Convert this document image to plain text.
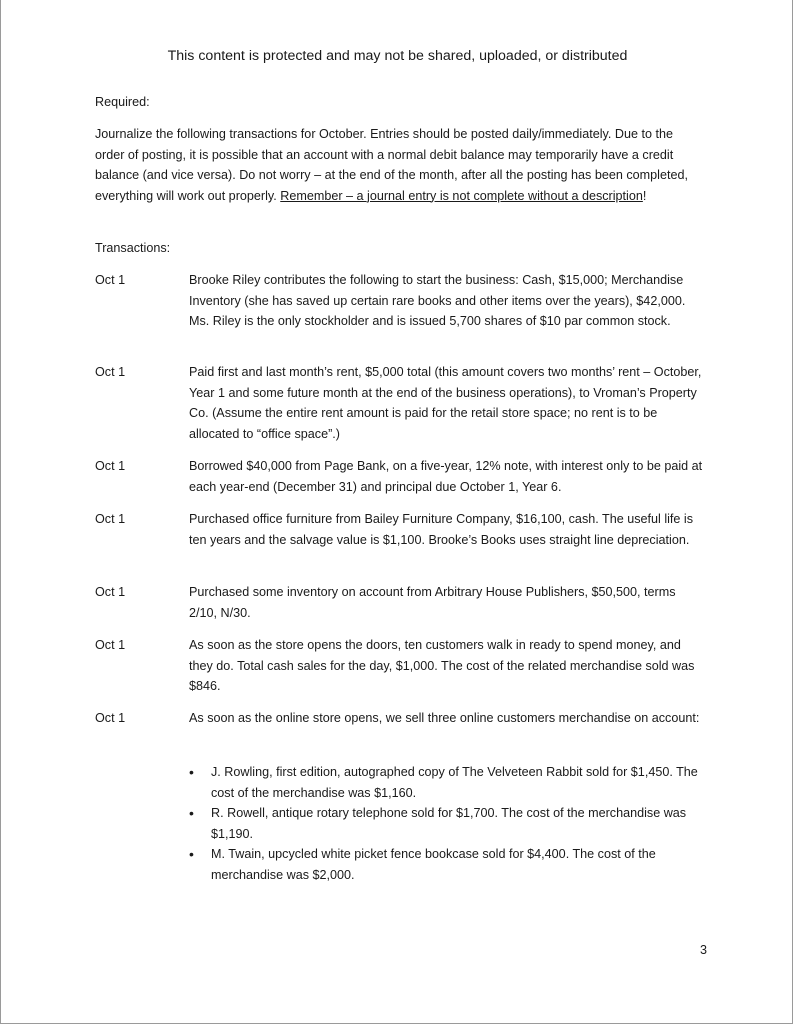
This content is protected and may not be shared, uploaded, or distributed
Required:
Journalize the following transactions for October. Entries should be posted daily/immediately. Due to the order of posting, it is possible that an account with a normal debit balance may temporarily have a credit balance (and vice versa). Do not worry – at the end of the month, after all the posting has been completed, everything will work out properly. Remember – a journal entry is not complete without a description!
Transactions:
Oct 1	Brooke Riley contributes the following to start the business: Cash, $15,000; Merchandise Inventory (she has saved up certain rare books and other items over the years), $42,000. Ms. Riley is the only stockholder and is issued 5,700 shares of $10 par common stock.
Oct 1	Paid first and last month’s rent, $5,000 total (this amount covers two months’ rent – October, Year 1 and some future month at the end of the business operations), to Vroman’s Property Co. (Assume the entire rent amount is paid for the retail store space; no rent is to be allocated to “office space”.)
Oct 1	Borrowed $40,000 from Page Bank, on a five-year, 12% note, with interest only to be paid at each year-end (December 31) and principal due October 1, Year 6.
Oct 1	Purchased office furniture from Bailey Furniture Company, $16,100, cash. The useful life is ten years and the salvage value is $1,100. Brooke’s Books uses straight line depreciation.
Oct 1	Purchased some inventory on account from Arbitrary House Publishers, $50,500, terms 2/10, N/30.
Oct 1	As soon as the store opens the doors, ten customers walk in ready to spend money, and they do. Total cash sales for the day, $1,000. The cost of the related merchandise sold was $846.
Oct 1	As soon as the online store opens, we sell three online customers merchandise on account:
• J. Rowling, first edition, autographed copy of The Velveteen Rabbit sold for $1,450. The cost of the merchandise was $1,160.
• R. Rowell, antique rotary telephone sold for $1,700. The cost of the merchandise was $1,190.
• M. Twain, upcycled white picket fence bookcase sold for $4,400. The cost of the merchandise was $2,000.
3
